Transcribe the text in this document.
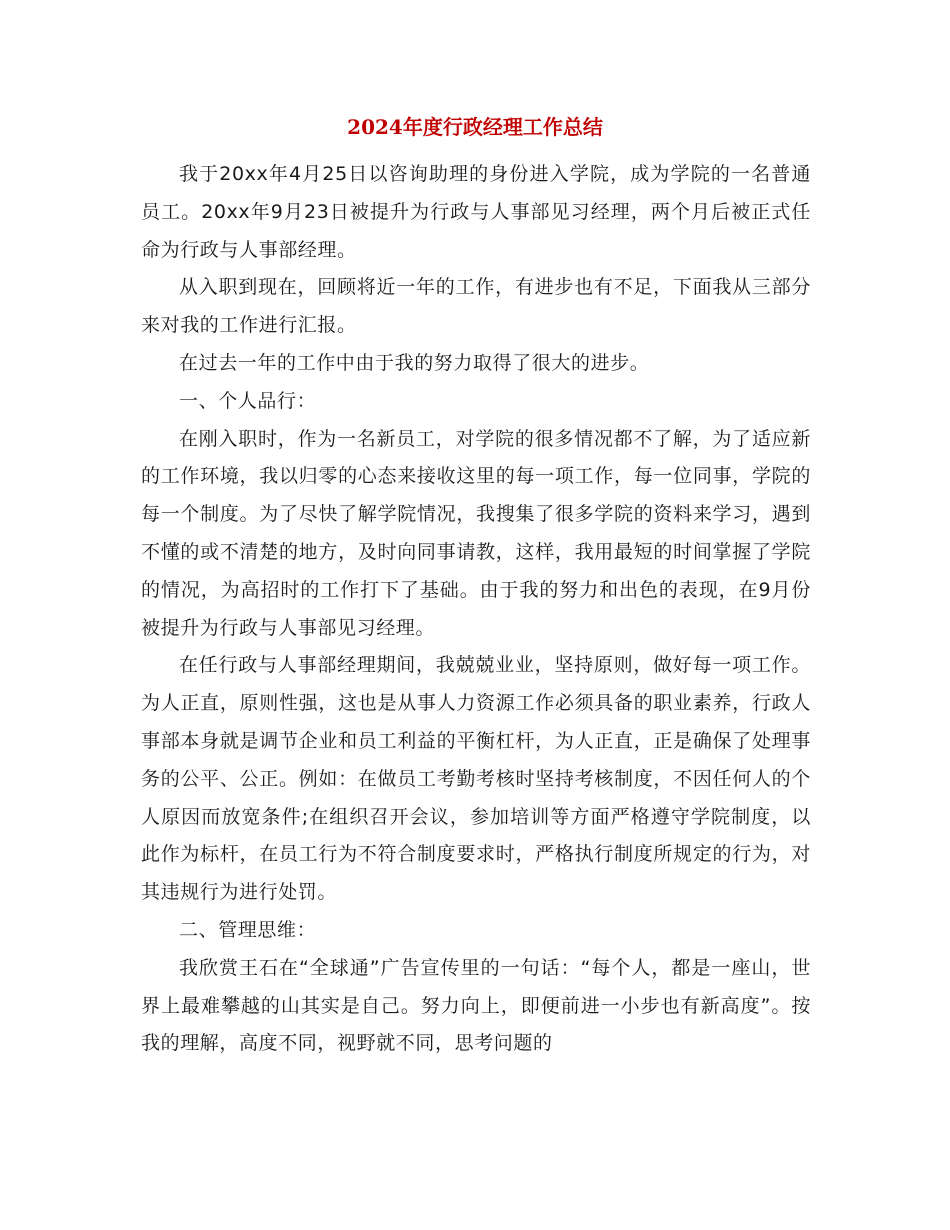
2024年度行政经理工作总结

我于20xx年4月25日以咨询助理的身份进入学院，成为学院的一名普通员工。20xx年9月23日被提升为行政与人事部见习经理，两个月后被正式任命为行政与人事部经理。

从入职到现在，回顾将近一年的工作，有进步也有不足，下面我从三部分来对我的工作进行汇报。

在过去一年的工作中由于我的努力取得了很大的进步。

一、个人品行：

在刚入职时，作为一名新员工，对学院的很多情况都不了解，为了适应新的工作环境，我以归零的心态来接收这里的每一项工作，每一位同事，学院的每一个制度。为了尽快了解学院情况，我搜集了很多学院的资料来学习，遇到不懂的或不清楚的地方，及时向同事请教，这样，我用最短的时间掌握了学院的情况，为高招时的工作打下了基础。由于我的努力和出色的表现，在9月份被提升为行政与人事部见习经理。

在任行政与人事部经理期间，我兢兢业业，坚持原则，做好每一项工作。为人正直，原则性强，这也是从事人力资源工作必须具备的职业素养，行政人事部本身就是调节企业和员工利益的平衡杠杆，为人正直，正是确保了处理事务的公平、公正。例如：在做员工考勤考核时坚持考核制度，不因任何人的个人原因而放宽条件;在组织召开会议，参加培训等方面严格遵守学院制度，以此作为标杆，在员工行为不符合制度要求时，严格执行制度所规定的行为，对其违规行为进行处罚。

二、管理思维：

我欣赏王石在“全球通”广告宣传里的一句话：“每个人，都是一座山，世界上最难攀越的山其实是自己。努力向上，即便前进一小步也有新高度”。按我的理解，高度不同，视野就不同，思考问题的
